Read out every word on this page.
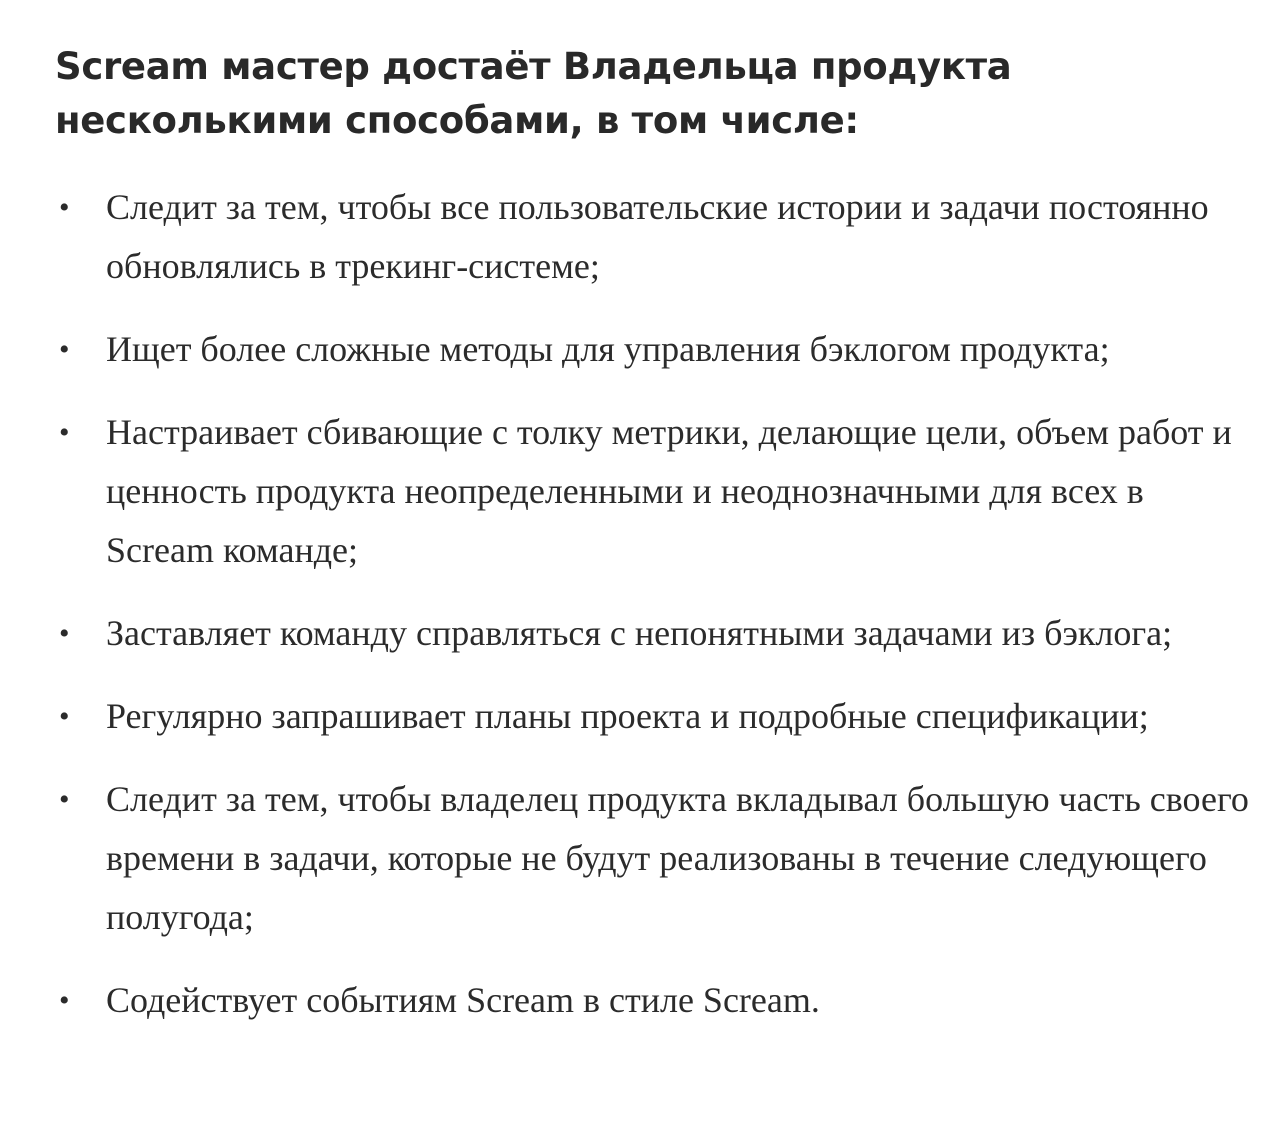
Scream мастер достаёт Владельца продукта несколькими способами, в том числе:
• Следит за тем, чтобы все пользовательские истории и задачи постоянно обновлялись в трекинг-системе;
• Ищет более сложные методы для управления бэклогом продукта;
• Настраивает сбивающие с толку метрики, делающие цели, объем работ и ценность продукта неопределенными и неоднозначными для всех в Scream команде;
• Заставляет команду справляться с непонятными задачами из бэклога;
• Регулярно запрашивает планы проекта и подробные спецификации;
• Следит за тем, чтобы владелец продукта вкладывал большую часть своего времени в задачи, которые не будут реализованы в течение следующего полугода;
• Содействует событиям Scream в стиле Scream.
